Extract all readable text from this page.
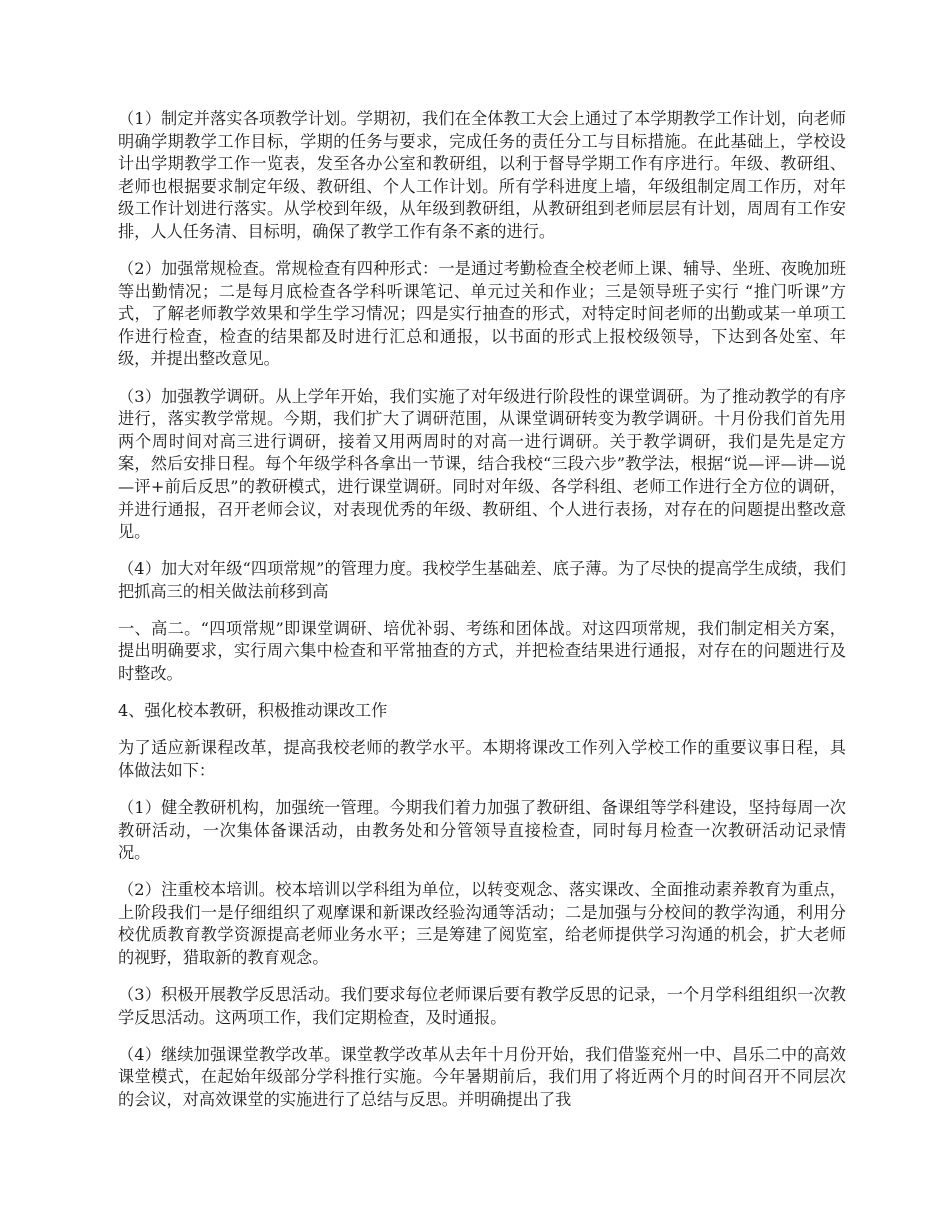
（1）制定并落实各项教学计划。学期初，我们在全体教工大会上通过了本学期教学工作计划，向老师明确学期教学工作目标，学期的任务与要求，完成任务的责任分工与目标措施。在此基础上，学校设计出学期教学工作一览表，发至各办公室和教研组，以利于督导学期工作有序进行。年级、教研组、老师也根据要求制定年级、教研组、个人工作计划。所有学科进度上墙，年级组制定周工作历，对年级工作计划进行落实。从学校到年级，从年级到教研组，从教研组到老师层层有计划，周周有工作安排，人人任务清、目标明，确保了教学工作有条不紊的进行。

（2）加强常规检查。常规检查有四种形式：一是通过考勤检查全校老师上课、辅导、坐班、夜晚加班等出勤情况；二是每月底检查各学科听课笔记、单元过关和作业；三是领导班子实行 “推门听课”方式，了解老师教学效果和学生学习情况；四是实行抽查的形式，对特定时间老师的出勤或某一单项工作进行检查，检查的结果都及时进行汇总和通报，以书面的形式上报校级领导，下达到各处室、年级，并提出整改意见。

（3）加强教学调研。从上学年开始，我们实施了对年级进行阶段性的课堂调研。为了推动教学的有序进行，落实教学常规。今期，我们扩大了调研范围，从课堂调研转变为教学调研。十月份我们首先用两个周时间对高三进行调研，接着又用两周时的对高一进行调研。关于教学调研，我们是先是定方案，然后安排日程。每个年级学科各拿出一节课，结合我校“三段六步”教学法，根据“说—评—讲—说—评+前后反思”的教研模式，进行课堂调研。同时对年级、各学科组、老师工作进行全方位的调研，并进行通报，召开老师会议，对表现优秀的年级、教研组、个人进行表扬，对存在的问题提出整改意见。

（4）加大对年级“四项常规”的管理力度。我校学生基础差、底子薄。为了尽快的提高学生成绩，我们把抓高三的相关做法前移到高

一、高二。“四项常规”即课堂调研、培优补弱、考练和团体战。对这四项常规，我们制定相关方案，提出明确要求，实行周六集中检查和平常抽查的方式，并把检查结果进行通报，对存在的问题进行及时整改。

4、强化校本教研，积极推动课改工作

为了适应新课程改革，提高我校老师的教学水平。本期将课改工作列入学校工作的重要议事日程，具体做法如下：

（1）健全教研机构，加强统一管理。今期我们着力加强了教研组、备课组等学科建设，坚持每周一次教研活动，一次集体备课活动，由教务处和分管领导直接检查，同时每月检查一次教研活动记录情况。

（2）注重校本培训。校本培训以学科组为单位，以转变观念、落实课改、全面推动素养教育为重点，上阶段我们一是仔细组织了观摩课和新课改经验沟通等活动；二是加强与分校间的教学沟通，利用分校优质教育教学资源提高老师业务水平；三是筹建了阅览室，给老师提供学习沟通的机会，扩大老师的视野，猎取新的教育观念。

（3）积极开展教学反思活动。我们要求每位老师课后要有教学反思的记录，一个月学科组组织一次教学反思活动。这两项工作，我们定期检查，及时通报。

（4）继续加强课堂教学改革。课堂教学改革从去年十月份开始，我们借鉴兖州一中、昌乐二中的高效课堂模式，在起始年级部分学科推行实施。今年暑期前后，我们用了将近两个月的时间召开不同层次的会议，对高效课堂的实施进行了总结与反思。并明确提出了我
